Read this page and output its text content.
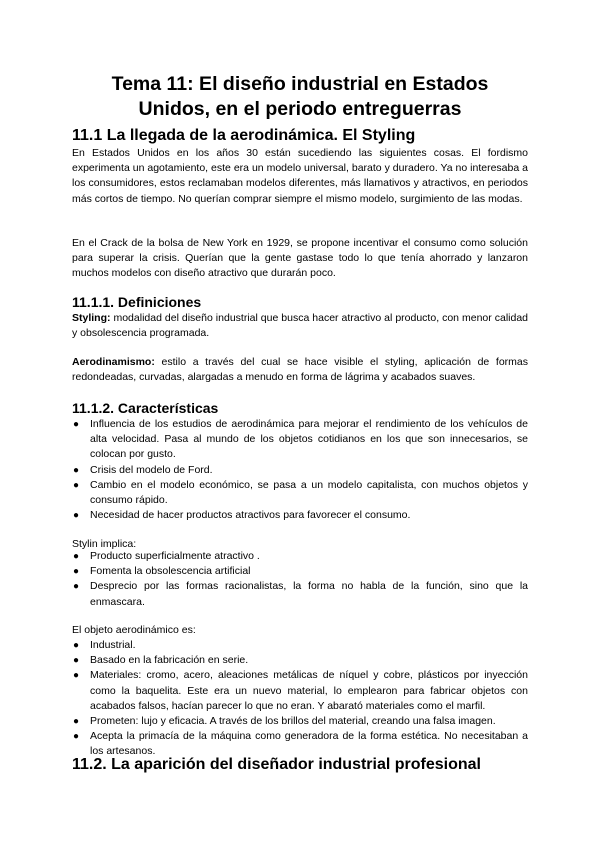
Tema 11: El diseño industrial en Estados
Unidos, en el periodo entreguerras
11.1 La llegada de la aerodinámica. El Styling

En Estados Unidos en los años 30 están sucediendo las siguientes cosas. El fordismo experimenta un agotamiento, este era un modelo universal, barato y duradero. Ya no interesaba a los consumidores, estos reclamaban modelos diferentes, más llamativos y atractivos, en periodos más cortos de tiempo. No querían comprar siempre el mismo modelo, surgimiento de las modas.

En el Crack de la bolsa de New York en 1929, se propone incentivar el consumo como solución para superar la crisis. Querían que la gente gastase todo lo que tenía ahorrado y lanzaron muchos modelos con diseño atractivo que durarán poco.

11.1.1. Definiciones

Styling: modalidad del diseño industrial que busca hacer atractivo al producto, con menor calidad y obsolescencia programada.

Aerodinamismo: estilo a través del cual se hace visible el styling, aplicación de formas redondeadas, curvadas, alargadas a menudo en forma de lágrima y acabados suaves.

11.1.2. Características
● Influencia de los estudios de aerodinámica para mejorar el rendimiento de los vehículos de alta velocidad. Pasa al mundo de los objetos cotidianos en los que son innecesarios, se colocan por gusto.
● Crisis del modelo de Ford.
● Cambio en el modelo económico, se pasa a un modelo capitalista, con muchos objetos y consumo rápido.
● Necesidad de hacer productos atractivos para favorecer el consumo.

Stylin implica:

● Producto superficialmente atractivo .
● Fomenta la obsolescencia artificial
● Desprecio por las formas racionalistas, la forma no habla de la función, sino que la enmascara.

El objeto aerodinámico es:

● Industrial.
● Basado en la fabricación en serie.
● Materiales: cromo, acero, aleaciones metálicas de níquel y cobre, plásticos por inyección como la baquelita. Este era un nuevo material, lo emplearon para fabricar objetos con acabados falsos, hacían parecer lo que no eran. Y abarató materiales como el marfil.
● Prometen: lujo y eficacia. A través de los brillos del material, creando una falsa imagen.
● Acepta la primacía de la máquina como generadora de la forma estética. No necesitaban a los artesanos.
11.2. La aparición del diseñador industrial profesional
